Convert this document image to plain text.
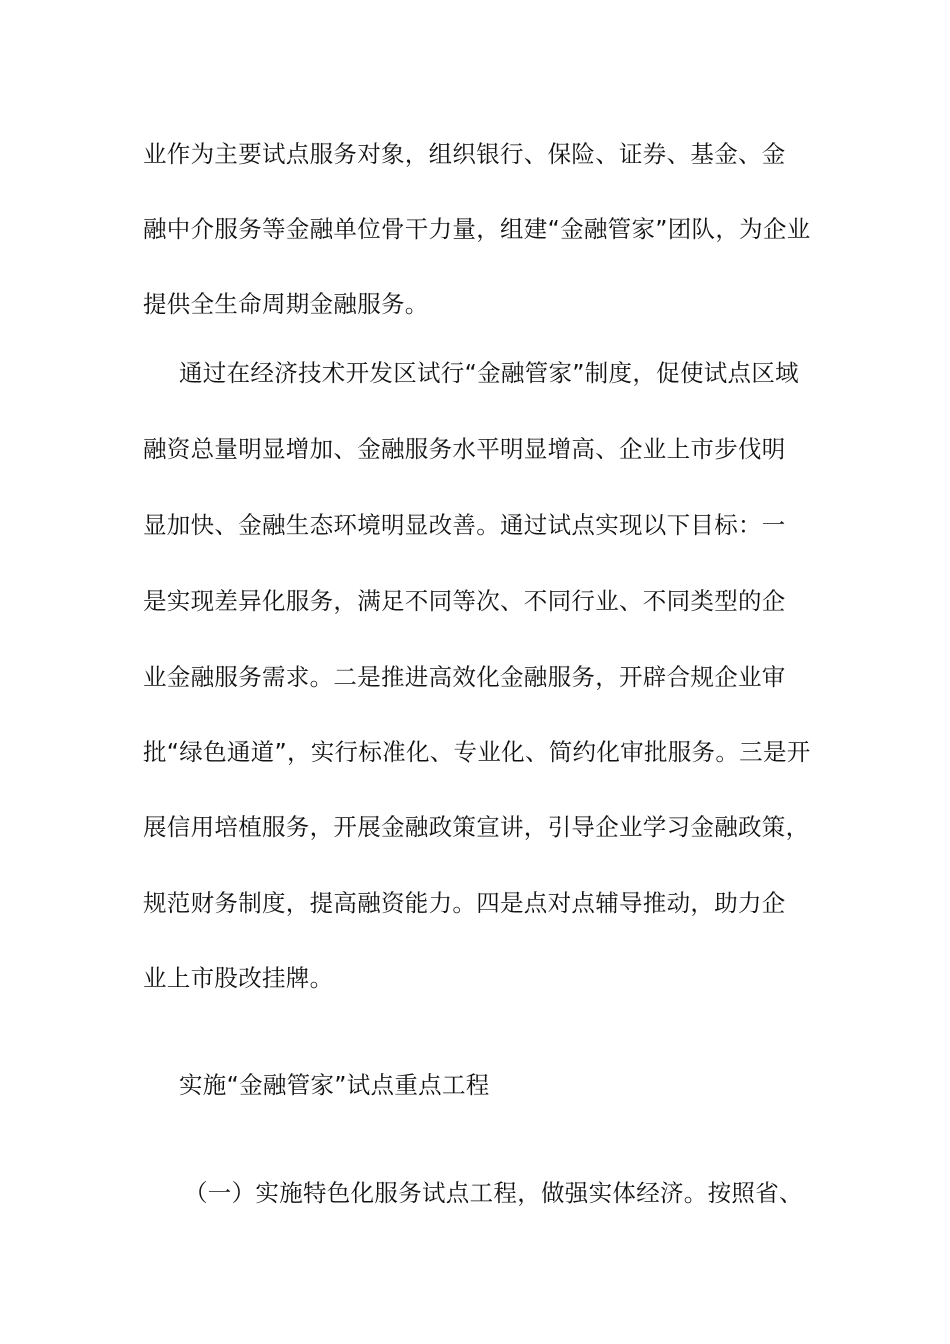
业作为主要试点服务对象，组织银行、保险、证券、基金、金
融中介服务等金融单位骨干力量，组建“金融管家”团队，为企业
提供全生命周期金融服务。
通过在经济技术开发区试行“金融管家”制度，促使试点区域
融资总量明显增加、金融服务水平明显增高、企业上市步伐明
显加快、金融生态环境明显改善。通过试点实现以下目标：一
是实现差异化服务，满足不同等次、不同行业、不同类型的企
业金融服务需求。二是推进高效化金融服务，开辟合规企业审
批“绿色通道”，实行标准化、专业化、简约化审批服务。三是开
展信用培植服务，开展金融政策宣讲，引导企业学习金融政策，
规范财务制度，提高融资能力。四是点对点辅导推动，助力企
业上市股改挂牌。
实施“金融管家”试点重点工程
（一）实施特色化服务试点工程，做强实体经济。按照省、
